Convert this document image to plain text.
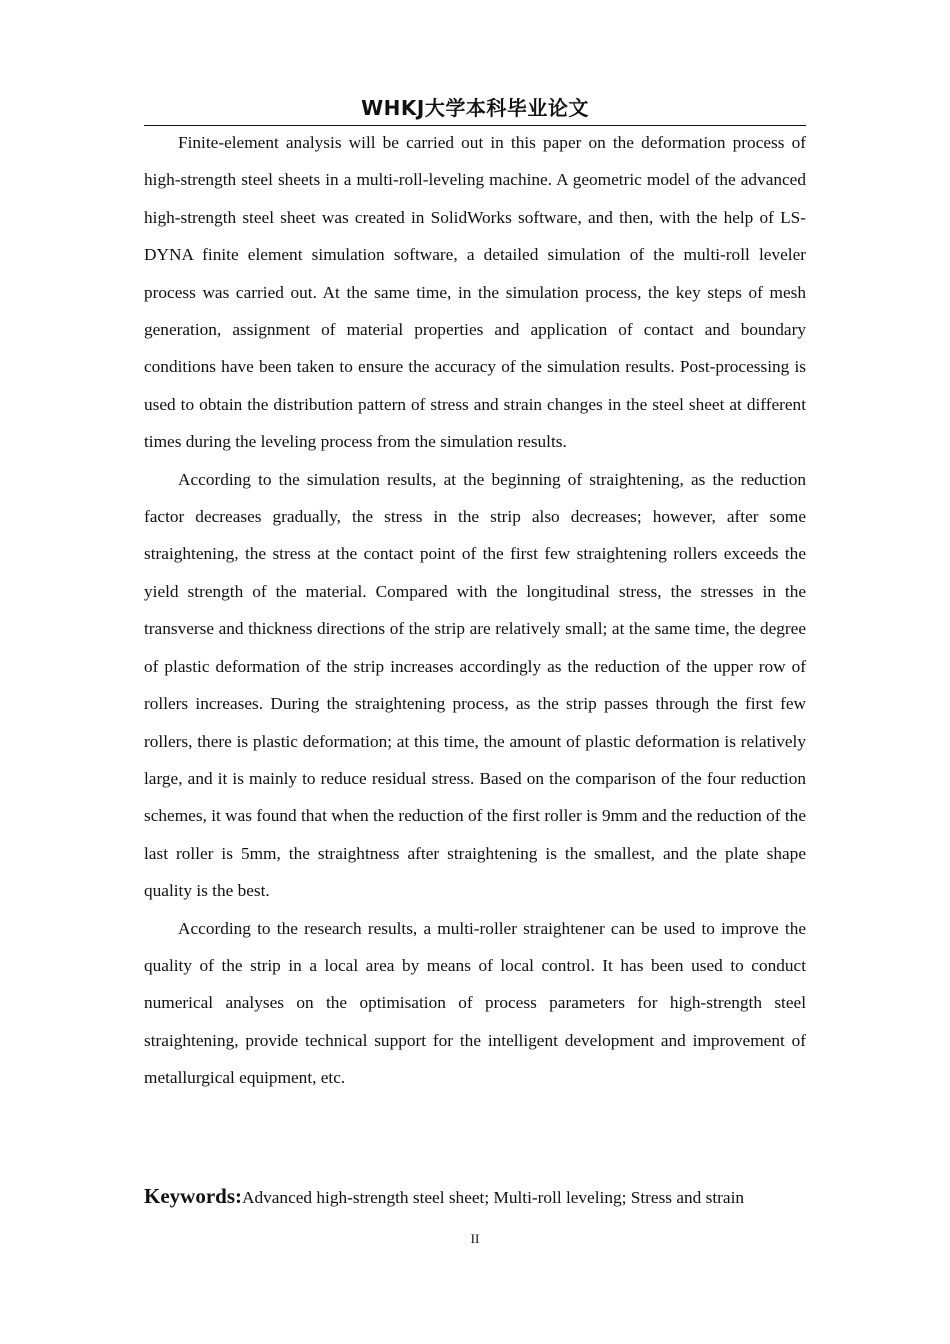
WHKJ大学本科毕业论文

Finite-element analysis will be carried out in this paper on the deformation process of high-strength steel sheets in a multi-roll-leveling machine. A geometric model of the advanced high-strength steel sheet was created in SolidWorks software, and then, with the help of LS-DYNA finite element simulation software, a detailed simulation of the multi-roll leveler process was carried out. At the same time, in the simulation process, the key steps of mesh generation, assignment of material properties and application of contact and boundary conditions have been taken to ensure the accuracy of the simulation results. Post-processing is used to obtain the distribution pattern of stress and strain changes in the steel sheet at different times during the leveling process from the simulation results.

According to the simulation results, at the beginning of straightening, as the reduction factor decreases gradually, the stress in the strip also decreases; however, after some straightening, the stress at the contact point of the first few straightening rollers exceeds the yield strength of the material. Compared with the longitudinal stress, the stresses in the transverse and thickness directions of the strip are relatively small; at the same time, the degree of plastic deformation of the strip increases accordingly as the reduction of the upper row of rollers increases. During the straightening process, as the strip passes through the first few rollers, there is plastic deformation; at this time, the amount of plastic deformation is relatively large, and it is mainly to reduce residual stress. Based on the comparison of the four reduction schemes, it was found that when the reduction of the first roller is 9mm and the reduction of the last roller is 5mm, the straightness after straightening is the smallest, and the plate shape quality is the best.

According to the research results, a multi-roller straightener can be used to improve the quality of the strip in a local area by means of local control. It has been used to conduct numerical analyses on the optimisation of process parameters for high-strength steel straightening, provide technical support for the intelligent development and improvement of metallurgical equipment, etc.

Keywords:Advanced high-strength steel sheet; Multi-roll leveling; Stress and strain
II
